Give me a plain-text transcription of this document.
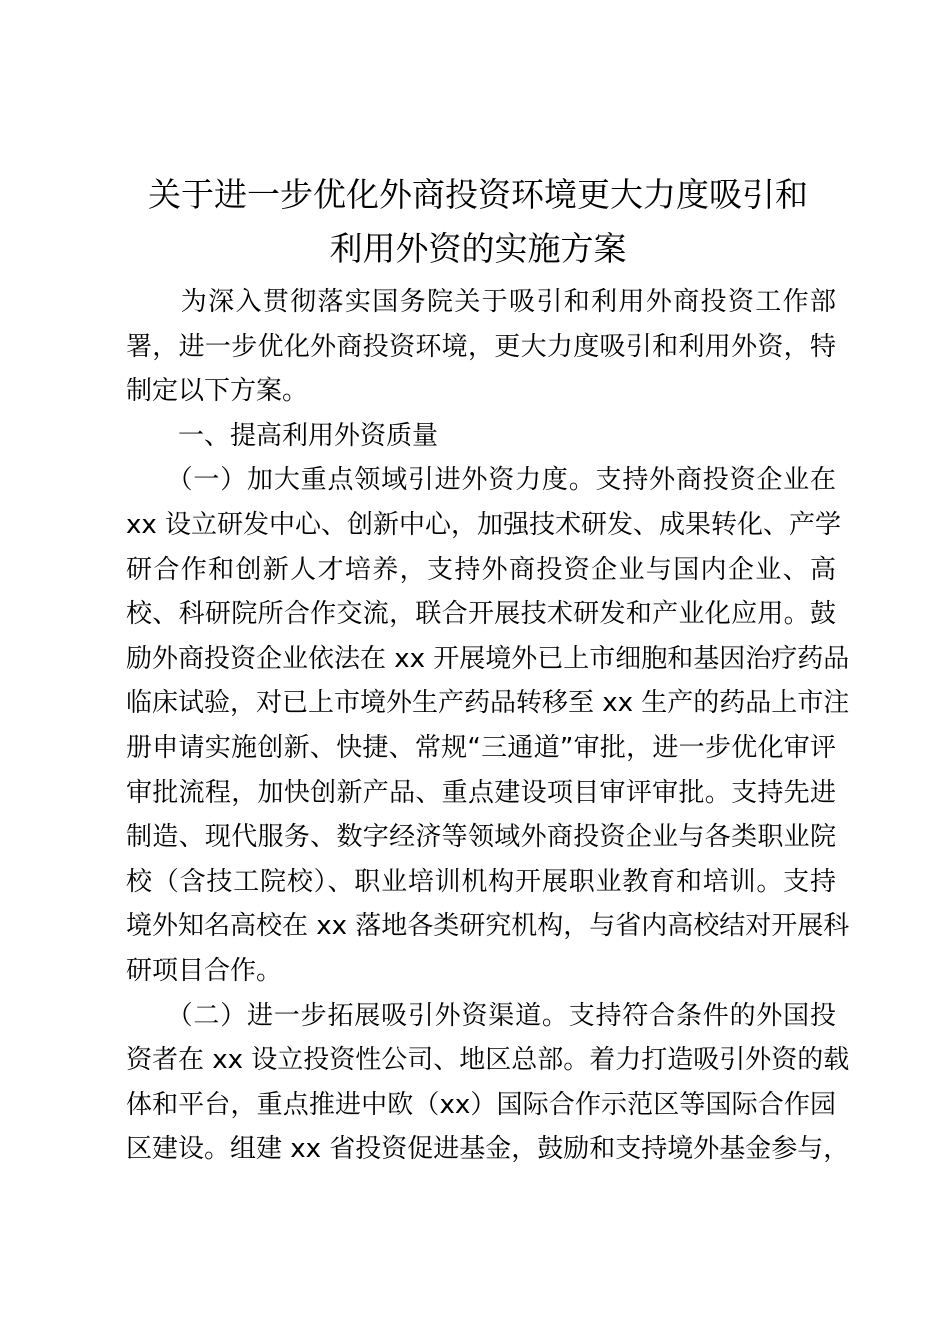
关于进一步优化外商投资环境更大力度吸引和
利用外资的实施方案
　　为深入贯彻落实国务院关于吸引和利用外商投资工作部
署，进一步优化外商投资环境，更大力度吸引和利用外资，特
制定以下方案。
　　一、提高利用外资质量
　　（一）加大重点领域引进外资力度。支持外商投资企业在
xx 设立研发中心、创新中心，加强技术研发、成果转化、产学
研合作和创新人才培养，支持外商投资企业与国内企业、高
校、科研院所合作交流，联合开展技术研发和产业化应用。鼓
励外商投资企业依法在 xx 开展境外已上市细胞和基因治疗药品
临床试验，对已上市境外生产药品转移至 xx 生产的药品上市注
册申请实施创新、快捷、常规“三通道”审批，进一步优化审评
审批流程，加快创新产品、重点建设项目审评审批。支持先进
制造、现代服务、数字经济等领域外商投资企业与各类职业院
校（含技工院校）、职业培训机构开展职业教育和培训。支持
境外知名高校在 xx 落地各类研究机构，与省内高校结对开展科
研项目合作。
　　（二）进一步拓展吸引外资渠道。支持符合条件的外国投
资者在 xx 设立投资性公司、地区总部。着力打造吸引外资的载
体和平台，重点推进中欧（xx）国际合作示范区等国际合作园
区建设。组建 xx 省投资促进基金，鼓励和支持境外基金参与，
